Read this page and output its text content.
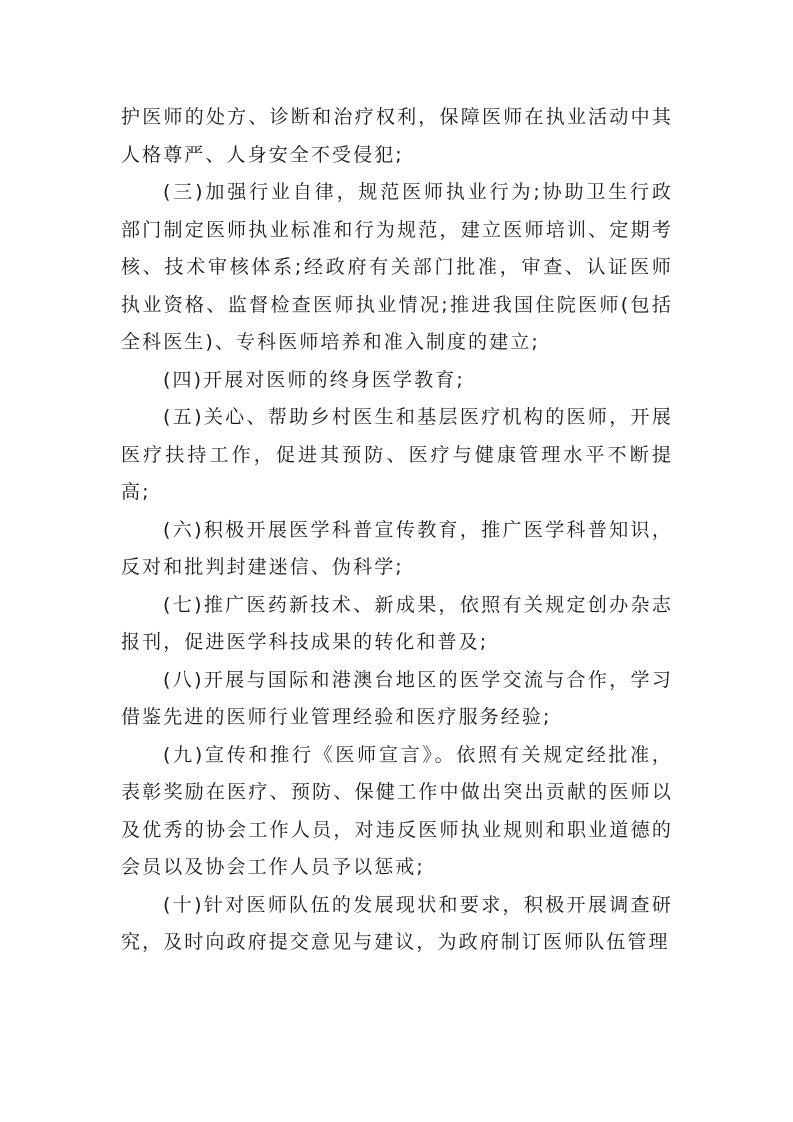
护医师的处方、诊断和治疗权利，保障医师在执业活动中其人格尊严、人身安全不受侵犯;

(三)加强行业自律，规范医师执业行为;协助卫生行政部门制定医师执业标准和行为规范，建立医师培训、定期考核、技术审核体系;经政府有关部门批准，审查、认证医师执业资格、监督检查医师执业情况;推进我国住院医师(包括全科医生)、专科医师培养和准入制度的建立;

(四)开展对医师的终身医学教育;

(五)关心、帮助乡村医生和基层医疗机构的医师，开展医疗扶持工作，促进其预防、医疗与健康管理水平不断提高;

(六)积极开展医学科普宣传教育，推广医学科普知识，反对和批判封建迷信、伪科学;

(七)推广医药新技术、新成果，依照有关规定创办杂志报刊，促进医学科技成果的转化和普及;

(八)开展与国际和港澳台地区的医学交流与合作，学习借鉴先进的医师行业管理经验和医疗服务经验;

(九)宣传和推行《医师宣言》。依照有关规定经批准，表彰奖励在医疗、预防、保健工作中做出突出贡献的医师以及优秀的协会工作人员，对违反医师执业规则和职业道德的会员以及协会工作人员予以惩戒;

(十)针对医师队伍的发展现状和要求，积极开展调查研究，及时向政府提交意见与建议，为政府制订医师队伍管理
